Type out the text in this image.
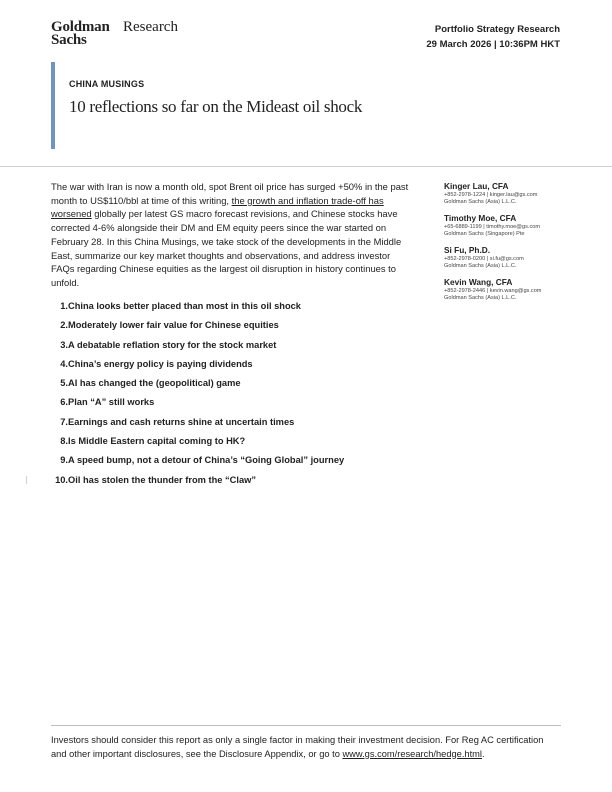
Goldman
Sachs
Research	Portfolio Strategy Research
29 March 2026 | 10:36PM HKT
CHINA MUSINGS
10 reflections so far on the Mideast oil shock

The war with Iran is now a month old, spot Brent oil price has surged +50% in the past month to US$110/bbl at time of this writing, the growth and inflation trade-off has worsened globally per latest GS macro forecast revisions, and Chinese stocks have corrected 4-6% alongside their DM and EM equity peers since the war started on February 28. In this China Musings, we take stock of the developments in the Middle East, summarize our key market thoughts and observations, and address investor FAQs regarding Chinese equities as the largest oil disruption in history continues to unfold.

Kinger Lau, CFA
+852-2978-1224 | kinger.lau@gs.com
Goldman Sachs (Asia) L.L.C.
Timothy Moe, CFA
+65-6889-1199 | timothy.moe@gs.com
Goldman Sachs (Singapore) Pte
Si Fu, Ph.D.
+852-2978-0200 | si.fu@gs.com
Goldman Sachs (Asia) L.L.C.
Kevin Wang, CFA
+852-2978-2446 | kevin.wang@gs.com
Goldman Sachs (Asia) L.L.C.
1. China looks better placed than most in this oil shock
2. Moderately lower fair value for Chinese equities
3. A debatable reflation story for the stock market
4. China’s energy policy is paying dividends
5. AI has changed the (geopolitical) game
6. Plan “A” still works
7. Earnings and cash returns shine at uncertain times
8. Is Middle Eastern capital coming to HK?
9. A speed bump, not a detour of China’s “Going Global” journey
10. Oil has stolen the thunder from the “Claw”

Investors should consider this report as only a single factor in making their investment decision. For Reg AC certification and other important disclosures, see the Disclosure Appendix, or go to www.gs.com/research/hedge.html.
